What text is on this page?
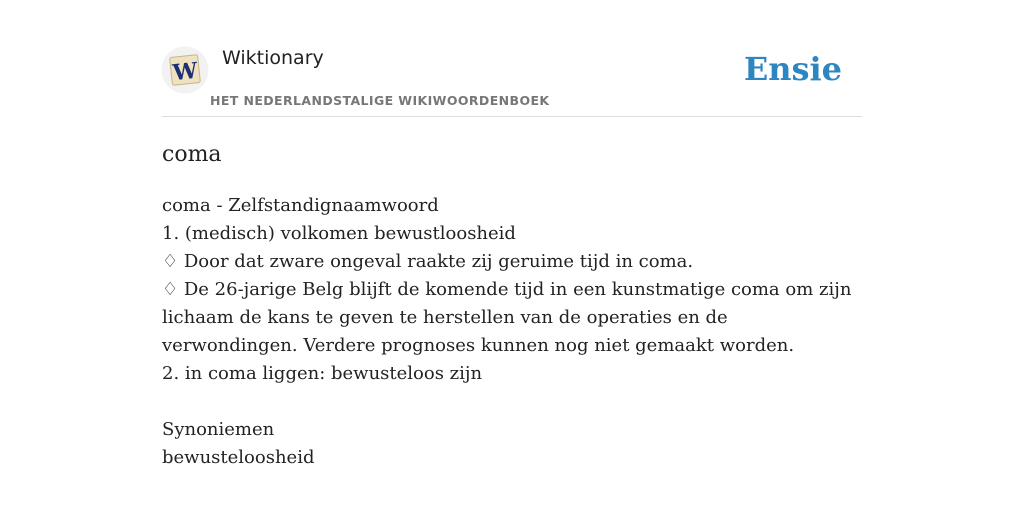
W Wiktionary
HET NEDERLANDSTALIGE WIKIWOORDENBOEK
Ensie
coma
coma - Zelfstandignaamwoord
1. (medisch) volkomen bewustloosheid
♢ Door dat zware ongeval raakte zij geruime tijd in coma.
♢ De 26-jarige Belg blijft de komende tijd in een kunstmatige coma om zijn lichaam de kans te geven te herstellen van de operaties en de verwondingen. Verdere prognoses kunnen nog niet gemaakt worden.
2. in coma liggen: bewusteloos zijn
Synoniemen
bewusteloosheid
